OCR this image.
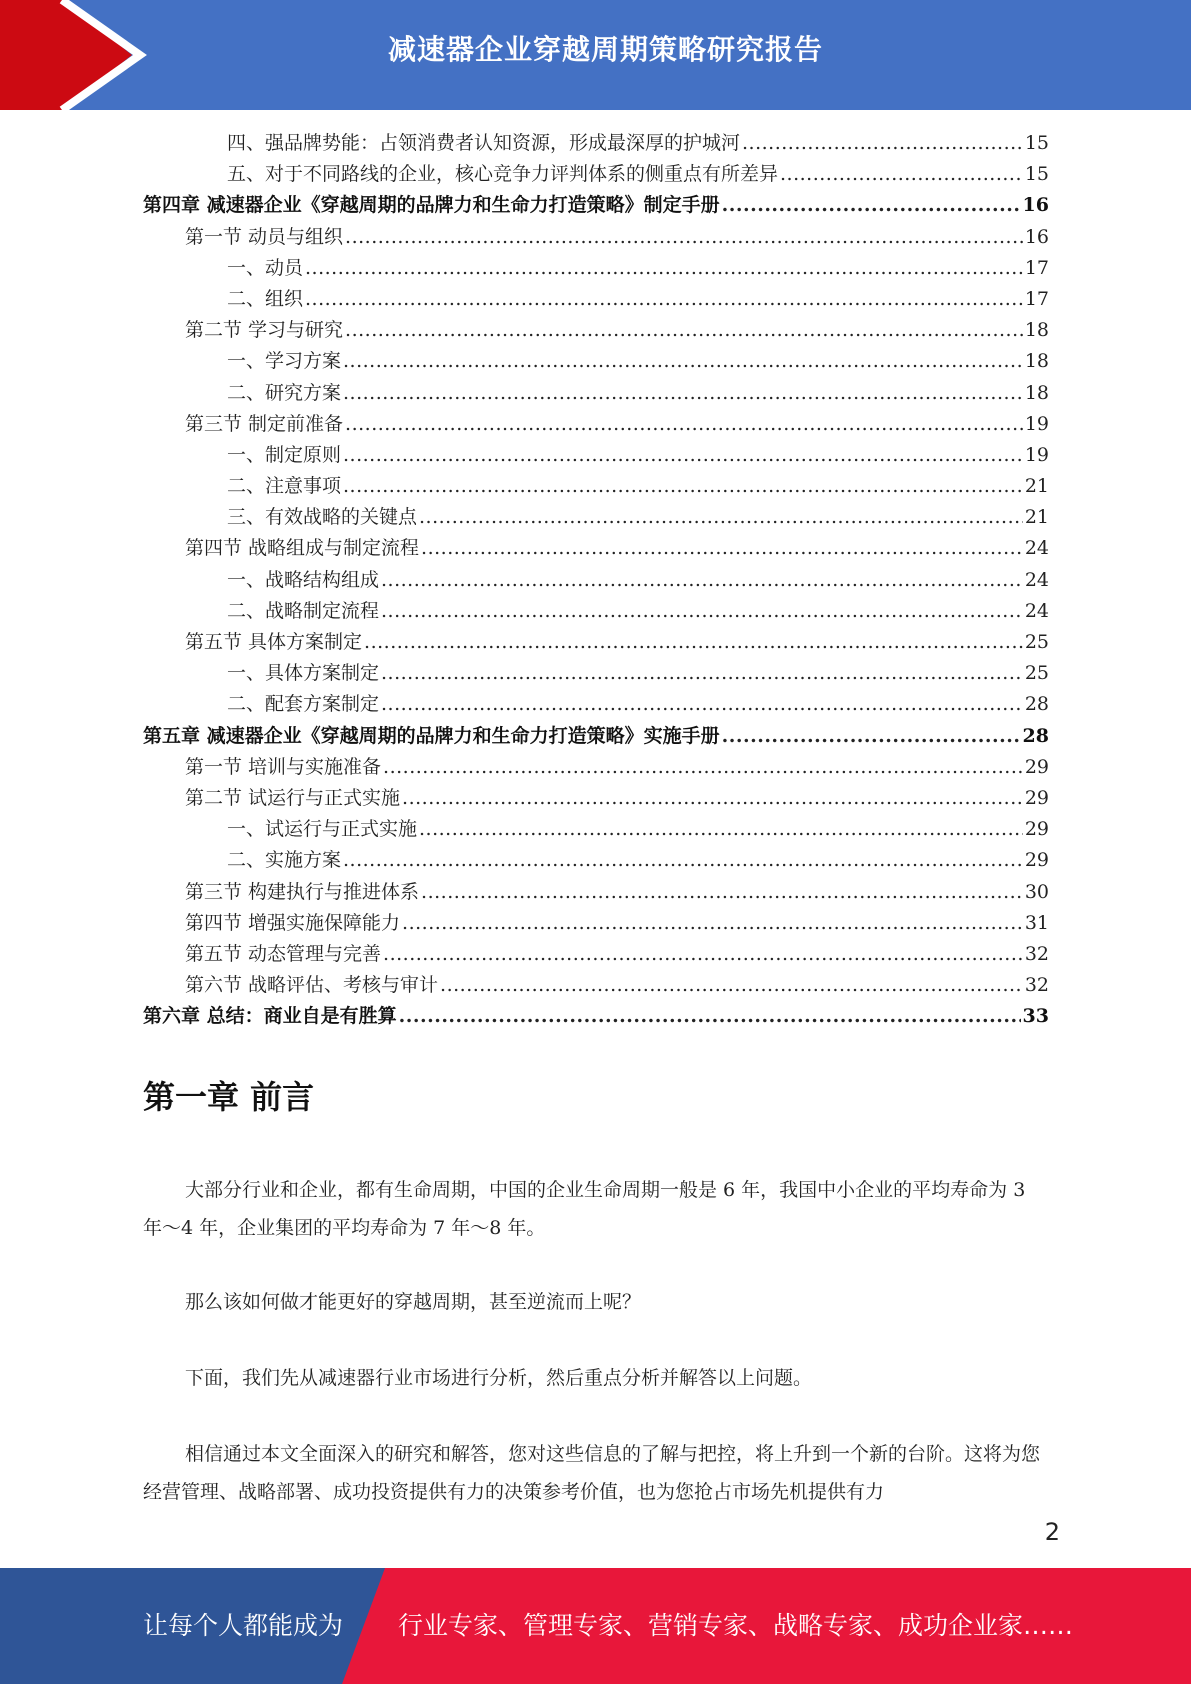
减速器企业穿越周期策略研究报告
四、强品牌势能：占领消费者认知资源，形成最深厚的护城河 .....	15
五、对于不同路线的企业，核心竞争力评判体系的侧重点有所差异 .....	15
第四章 减速器企业《穿越周期的品牌力和生命力打造策略》制定手册 .....	16
第一节 动员与组织 .....	16
一、动员 .....	17
二、组织 .....	17
第二节 学习与研究 .....	18
一、学习方案 .....	18
二、研究方案 .....	18
第三节 制定前准备 .....	19
一、制定原则 .....	19
二、注意事项 .....	21
三、有效战略的关键点 .....	21
第四节 战略组成与制定流程 .....	24
一、战略结构组成 .....	24
二、战略制定流程 .....	24
第五节 具体方案制定 .....	25
一、具体方案制定 .....	25
二、配套方案制定 .....	28
第五章 减速器企业《穿越周期的品牌力和生命力打造策略》实施手册 .....	28
第一节 培训与实施准备 .....	29
第二节 试运行与正式实施 .....	29
一、试运行与正式实施 .....	29
二、实施方案 .....	29
第三节 构建执行与推进体系 .....	30
第四节 增强实施保障能力 .....	31
第五节 动态管理与完善 .....	32
第六节 战略评估、考核与审计 .....	32
第六章 总结：商业自是有胜算 .....	33
第一章 前言

大部分行业和企业，都有生命周期，中国的企业生命周期一般是 6 年，我国中小企业的平均寿命为 3 年～4 年，企业集团的平均寿命为 7 年～8 年。

那么该如何做才能更好的穿越周期，甚至逆流而上呢？

下面，我们先从减速器行业市场进行分析，然后重点分析并解答以上问题。

相信通过本文全面深入的研究和解答，您对这些信息的了解与把控，将上升到一个新的台阶。这将为您经营管理、战略部署、成功投资提供有力的决策参考价值，也为您抢占市场先机提供有力

2
让每个人都能成为 行业专家、管理专家、营销专家、战略专家、成功企业家……
